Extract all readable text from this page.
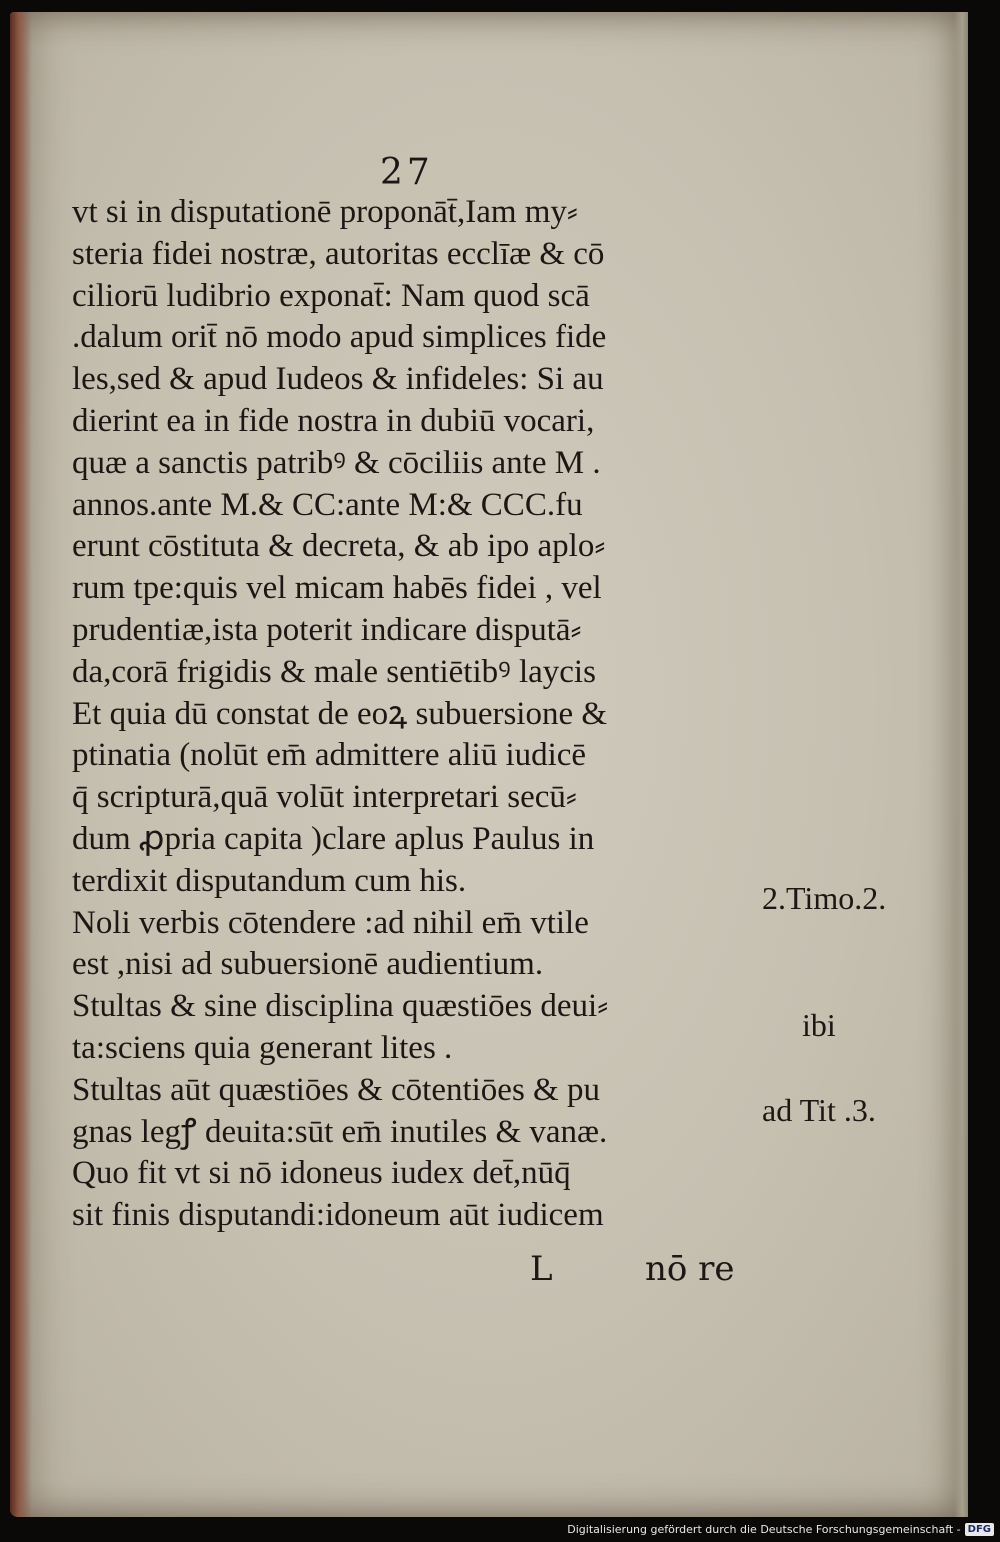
27
vt si in disputationē proponāt̄,Iam my⸗
steria fidei nostræ, autoritas ecclīæ & cō
ciliorū ludibrio exponat̄: Nam quod scā
.dalum orit̄ nō modo apud simplices fide
les,sed & apud Iudeos & infideles: Si au
dierint ea in fide nostra in dubiū vocari,
quæ a sanctis patribꝰ & cōciliis ante M .
annos.ante M.& CC:ante M:& CCC.fu
erunt cōstituta & decreta, & ab ipo aplo⸗
rum tpe:quis vel micam habēs fidei , vel
prudentiæ,ista poterit indicare disputā⸗
da,corā frigidis & male sentiētibꝰ laycis
Et quia dū constat de eoꝝ subuersione &
ptinatia (nolūt em̄ admittere aliū iudicē
q̄ scripturā,quā volūt interpretari secū⸗
dum ꝓpria capita )clare aplus Paulus in
terdixit disputandum cum his.
Noli verbis cōtendere :ad nihil em̄ vtile
est ,nisi ad subuersionē audientium.
Stultas & sine disciplina quæstiōes deui⸗
ta:sciens quia generant lites .
Stultas aūt quæstiōes & cōtentiōes & pu
gnas legꝭ deuita:sūt em̄ inutiles & vanæ.
Quo fit vt si nō idoneus iudex det̄,nūq̄
sit finis disputandi:idoneum aūt iudicem
2.Timo.2.
ibi
ad Tit .3.
L	nō re
Digitalisierung gefördert durch die Deutsche Forschungsgemeinschaft - DFG
